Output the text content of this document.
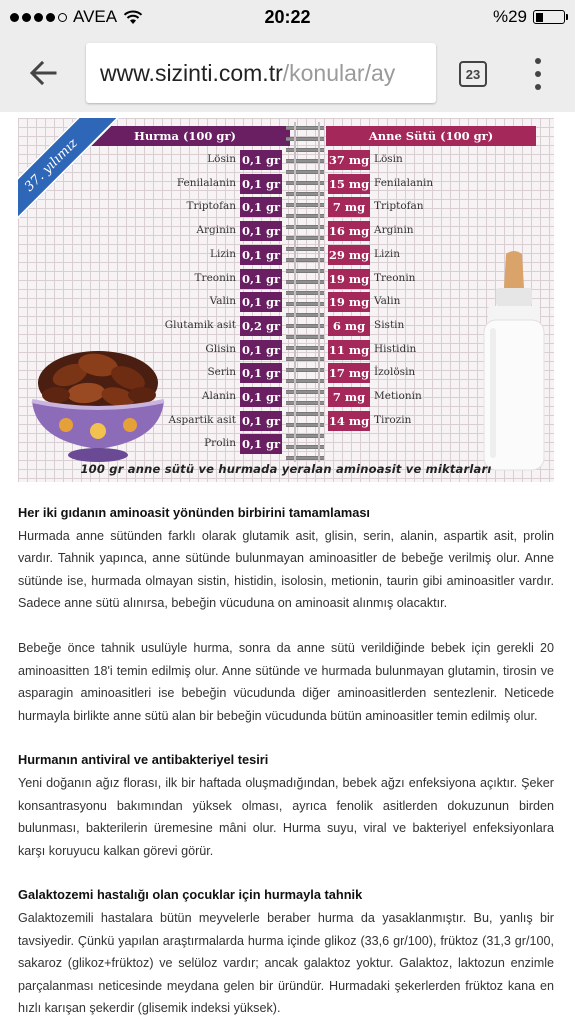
AVEA	20:22	%29
www.sizinti.com.tr /konular/ay	23
37. yılımız	Hurma (100 gr)	Anne Sütü (100 gr)
Lösin 0,1 gr	37 mg Lösin
Fenilalanin 0,1 gr	15 mg Fenilalanin
Triptofan 0,1 gr	7 mg Triptofan
Arginin 0,1 gr	16 mg Arginin
Lizin 0,1 gr	29 mg Lizin
Treonin 0,1 gr	19 mg Treonin
Valin 0,1 gr	19 mg Valin
Glutamik asit 0,2 gr	6 mg Sistin
Glisin 0,1 gr	11 mg Histidin
Serin 0,1 gr	17 mg İzolösin
Alanin 0,1 gr	7 mg Metionin
Aspartik asit 0,1 gr	14 mg Tirozin
Prolin 0,1 gr
100 gr anne sütü ve hurmada yeralan aminoasit ve miktarları
Her iki gıdanın aminoasit yönünden birbirini tamamlaması

Hurmada anne sütünden farklı olarak glutamik asit, glisin, serin, alanin, aspartik asit, prolin vardır. Tahnik yapınca, anne sütünde bulunmayan aminoasitler de bebeğe verilmiş olur. Anne sütünde ise, hurmada olmayan sistin, histidin, isolosin, metionin, taurin gibi aminoasitler vardır. Sadece anne sütü alınırsa, bebeğin vücuduna on aminoasit alınmış olacaktır.

Bebeğe önce tahnik usulüyle hurma, sonra da anne sütü verildiğinde bebek için gerekli 20 aminoasitten 18'i temin edilmiş olur. Anne sütünde ve hurmada bulunmayan glutamin, tirosin ve asparagin aminoasitleri ise bebeğin vücudunda diğer aminoasitlerden sentezlenir. Neticede hurmayla birlikte anne sütü alan bir bebeğin vücudunda bütün aminoasitler temin edilmiş olur.

Hurmanın antiviral ve antibakteriyel tesiri

Yeni doğanın ağız florası, ilk bir haftada oluşmadığından, bebek ağzı enfeksiyona açıktır. Şeker konsantrasyonu bakımından yüksek olması, ayrıca fenolik asitlerden dokuzunun birden bulunması, bakterilerin üremesine mâni olur. Hurma suyu, viral ve bakteriyel enfeksiyonlara karşı koruyucu kalkan görevi görür.

Galaktozemi hastalığı olan çocuklar için hurmayla tahnik

Galaktozemili hastalara bütün meyvelerle beraber hurma da yasaklanmıştır. Bu, yanlış bir tavsiyedir. Çünkü yapılan araştırmalarda hurma içinde glikoz (33,6 gr/100), früktoz (31,3 gr/100, sakaroz (glikoz+früktoz) ve selüloz vardır; ancak galaktoz yoktur. Galaktoz, laktozun enzimle parçalanması neticesinde meydana gelen bir üründür. Hurmadaki şekerlerden früktoz kana en hızlı karışan şekerdir (glisemik indeksi yüksek).
